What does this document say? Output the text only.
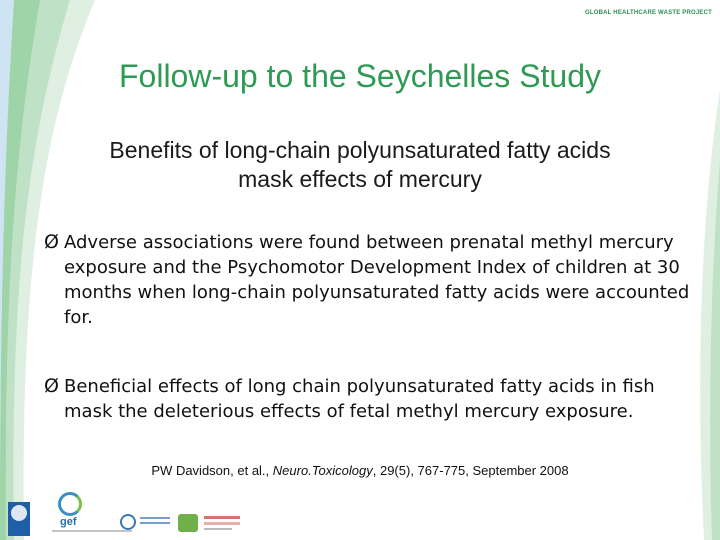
GLOBAL HEALTHCARE WASTE PROJECT
Follow-up to the Seychelles Study
Benefits of long-chain polyunsaturated fatty acids
mask effects of mercury
Ø Adverse associations were found between prenatal methyl mercury exposure and the Psychomotor Development Index of children at 30 months when long-chain polyunsaturated fatty acids were accounted for.
Ø Beneficial effects of long chain polyunsaturated fatty acids in fish mask the deleterious effects of fetal methyl mercury exposure.
PW Davidson, et al., Neuro.Toxicology, 29(5), 767-775, September 2008
gef
